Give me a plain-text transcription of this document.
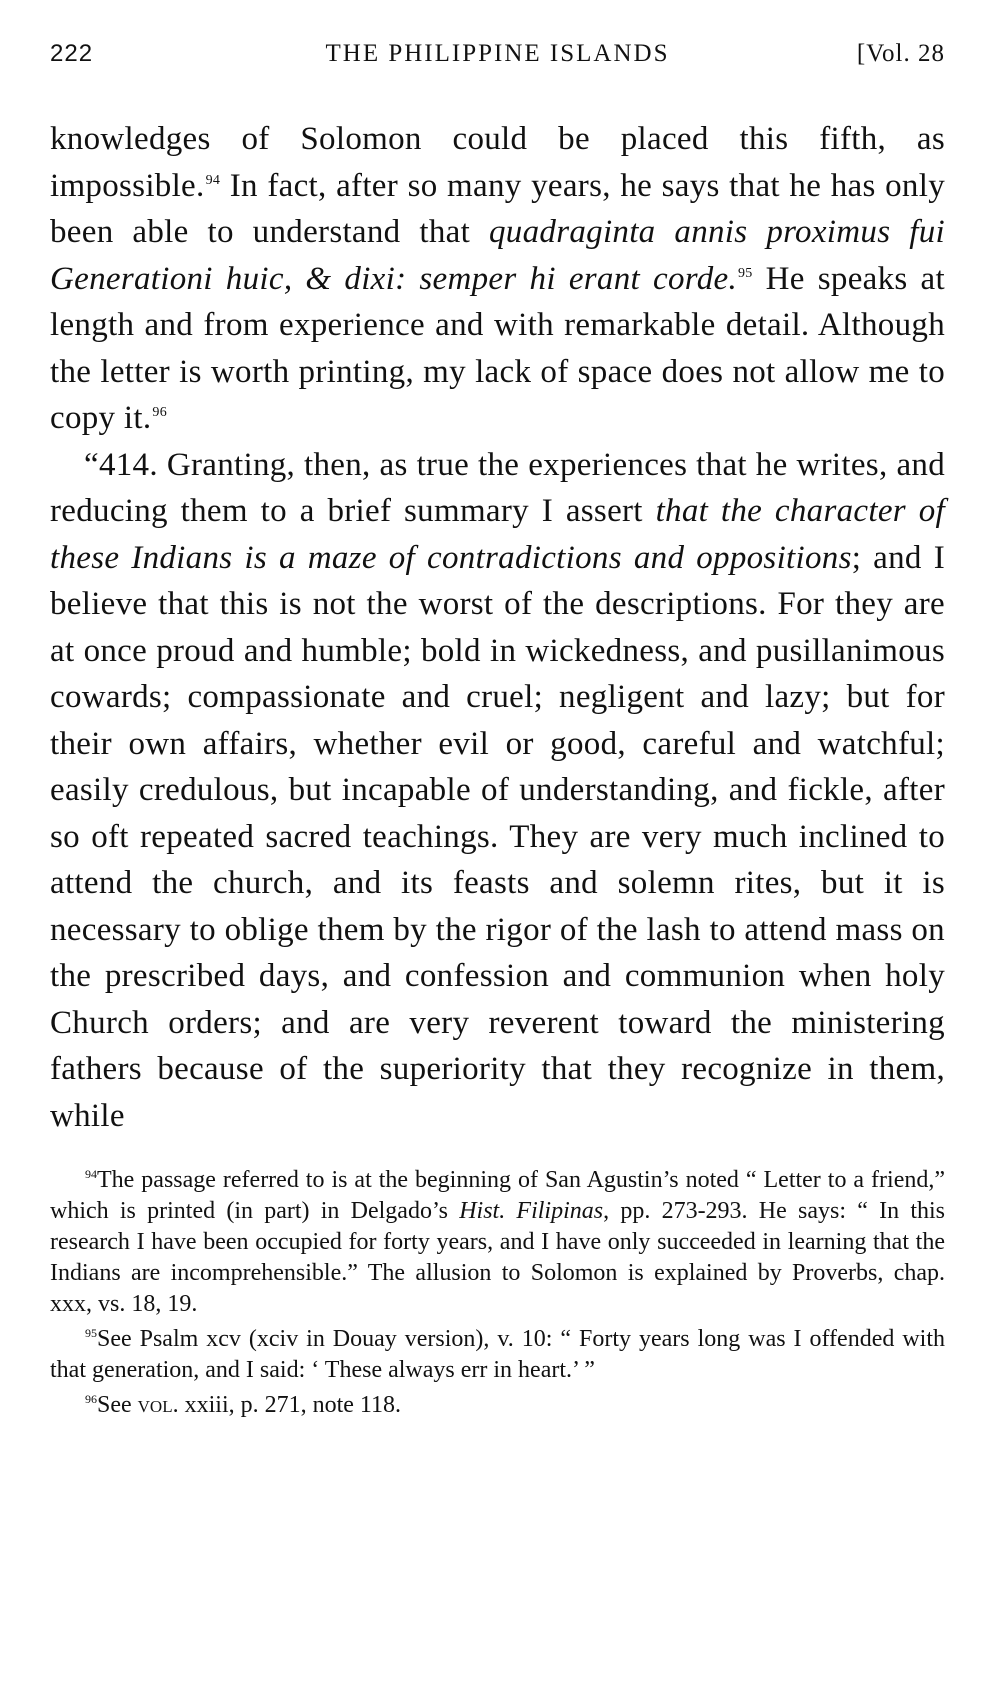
222	THE PHILIPPINE ISLANDS	[Vol. 28

knowledges of Solomon could be placed this fifth, as impossible.$^{94}$ In fact, after so many years, he says that he has only been able to understand that quadraginta annis proximus fui Generationi huic, & dixi: semper hi erant corde.$^{95}$ He speaks at length and from experience and with remarkable detail. Although the letter is worth printing, my lack of space does not allow me to copy it.$^{96}$

“414. Granting, then, as true the experiences that he writes, and reducing them to a brief summary I assert that the character of these Indians is a maze of contradictions and oppositions; and I believe that this is not the worst of the descriptions. For they are at once proud and humble; bold in wickedness, and pusillanimous cowards; compassionate and cruel; negligent and lazy; but for their own affairs, whether evil or good, careful and watchful; easily credulous, but incapable of understanding, and fickle, after so oft repeated sacred teachings. They are very much inclined to attend the church, and its feasts and solemn rites, but it is necessary to oblige them by the rigor of the lash to attend mass on the prescribed days, and confession and communion when holy Church orders; and are very reverent toward the ministering fathers because of the superiority that they recognize in them, while

$^{94}$The passage referred to is at the beginning of San Agustin’s noted “ Letter to a friend,” which is printed (in part) in Delgado’s Hist. Filipinas, pp. 273-293. He says: “ In this research I have been occupied for forty years, and I have only succeeded in learning that the Indians are incomprehensible.” The allusion to Solomon is explained by Proverbs, chap. xxx, vs. 18, 19.

$^{95}$See Psalm xcv (xciv in Douay version), v. 10: “ Forty years long was I offended with that generation, and I said: ‘ These always err in heart.’ ”

$^{96}$See vol. xxiii, p. 271, note 118.
